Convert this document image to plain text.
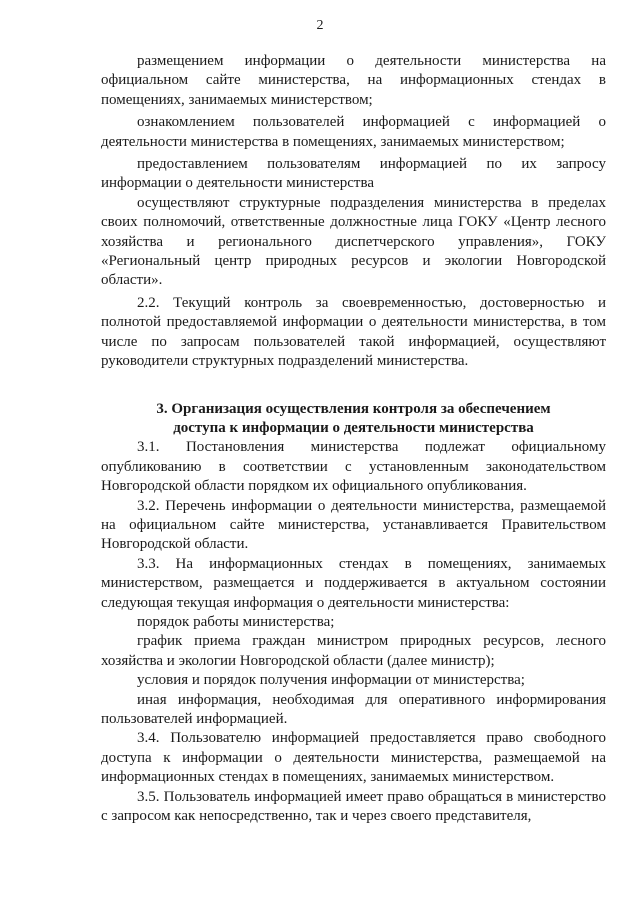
2

размещением информации о деятельности министерства на официальном сайте министерства, на информационных стендах в помещениях, занимаемых министерством;

ознакомлением пользователей информацией с информацией о деятельности министерства в помещениях, занимаемых министерством;

предоставлением пользователям информацией по их запросу информации о деятельности министерства

осуществляют структурные подразделения министерства в пределах своих полномочий, ответственные должностные лица ГОКУ «Центр лесного хозяйства и регионального диспетчерского управления», ГОКУ «Региональный центр природных ресурсов и экологии Новгородской области».

2.2. Текущий контроль за своевременностью, достоверностью и полнотой предоставляемой информации о деятельности министерства, в том числе по запросам пользователей такой информацией, осуществляют руководители структурных подразделений министерства.

3. Организация осуществления контроля за обеспечением

доступа к информации о деятельности министерства

3.1. Постановления министерства подлежат официальному опубликованию в соответствии с установленным законодательством Новгородской области порядком их официального опубликования.

3.2. Перечень информации о деятельности министерства, размещаемой на официальном сайте министерства, устанавливается Правительством Новгородской области.

3.3. На информационных стендах в помещениях, занимаемых министерством, размещается и поддерживается в актуальном состоянии следующая текущая информация о деятельности министерства:

порядок работы министерства;

график приема граждан министром природных ресурсов, лесного хозяйства и экологии Новгородской области (далее министр);

условия и порядок получения информации от министерства;

иная информация, необходимая для оперативного информирования пользователей информацией.

3.4. Пользователю информацией предоставляется право свободного доступа к информации о деятельности министерства, размещаемой на информационных стендах в помещениях, занимаемых министерством.

3.5. Пользователь информацией имеет право обращаться в министерство с запросом как непосредственно, так и через своего представителя,
